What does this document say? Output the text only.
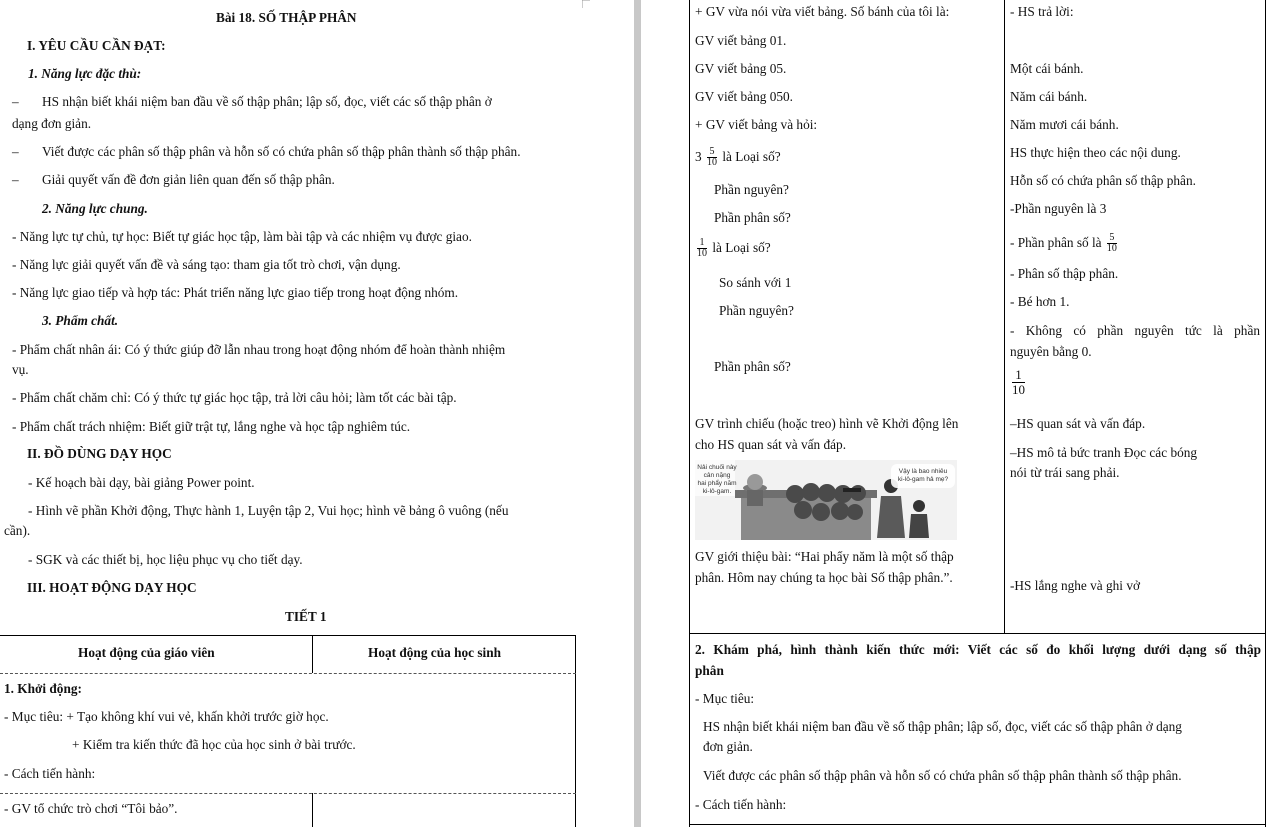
Bài 18. SỐ THẬP PHÂN
I. YÊU CẦU CẦN ĐẠT:
1. Năng lực đặc thù:
– HS nhận biết khái niệm ban đầu về số thập phân; lập số, đọc, viết các số thập phân ở
dạng đơn giản.
– Viết được các phân số thập phân và hỗn số có chứa phân số thập phân thành số thập phân.
– Giải quyết vấn đề đơn giản liên quan đến số thập phân.
2. Năng lực chung.
- Năng lực tự chủ, tự học: Biết tự giác học tập, làm bài tập và các nhiệm vụ được giao.
- Năng lực giải quyết vấn đề và sáng tạo: tham gia tốt trò chơi, vận dụng.
- Năng lực giao tiếp và hợp tác: Phát triển năng lực giao tiếp trong hoạt động nhóm.
3. Phẩm chất.
- Phẩm chất nhân ái: Có ý thức giúp đỡ lẫn nhau trong hoạt động nhóm để hoàn thành nhiệm
vụ.
- Phẩm chất chăm chỉ: Có ý thức tự giác học tập, trả lời câu hỏi; làm tốt các bài tập.
- Phẩm chất trách nhiệm: Biết giữ trật tự, lắng nghe và học tập nghiêm túc.
II. ĐỒ DÙNG DẠY HỌC
- Kế hoạch bài dạy, bài giảng Power point.
- Hình vẽ phần Khởi động, Thực hành 1, Luyện tập 2, Vui học; hình vẽ bảng ô vuông (nếu
cần).
- SGK và các thiết bị, học liệu phục vụ cho tiết dạy.
III. HOẠT ĐỘNG DẠY HỌC
TIẾT 1
Hoạt động của giáo viên	Hoạt động của học sinh
1. Khởi động:
- Mục tiêu: + Tạo không khí vui vẻ, khấn khởi trước giờ học.
+ Kiểm tra kiến thức đã học của học sinh ở bài trước.
- Cách tiến hành:
- GV tổ chức trò chơi “Tôi bảo”.
+ GV vừa nói vừa viết bảng. Số bánh của tôi là:
GV viết bảng 01.
GV viết bảng 05.
GV viết bảng 050.
+ GV viết bảng và hỏi:
$3 \frac{5}{10}$ là Loại số?
Phần nguyên?
Phần phân số?
$\frac{1}{10}$ là Loại số?
So sánh với 1
Phần nguyên?
Phần phân số?
GV trình chiếu (hoặc treo) hình vẽ Khởi động lên
cho HS quan sát và vấn đáp.
Nải chuối này
cân nặng
hai phẩy năm
ki-lô-gam.
Vậy là bao nhiêu
ki-lô-gam hả mẹ?
GV giới thiệu bài: “Hai phẩy năm là một số thập
phân. Hôm nay chúng ta học bài Số thập phân.”.
- HS trả lời:
Một cái bánh.
Năm cái bánh.
Năm mươi cái bánh.
HS thực hiện theo các nội dung.
Hỗn số có chứa phân số thập phân.
-Phần nguyên là 3
- Phần phân số là $\frac{5}{10}$
- Phân số thập phân.
- Bé hơn 1.
- Không có phần nguyên tức là phần
nguyên bằng 0.
$\frac{1}{10}$
–HS quan sát và vấn đáp.
–HS mô tả bức tranh Đọc các bóng
nói từ trái sang phải.
-HS lắng nghe và ghi vở
2. Khám phá, hình thành kiến thức mới: Viết các số đo khối lượng dưới dạng số thập
phân
- Mục tiêu:
HS nhận biết khái niệm ban đầu về số thập phân; lập số, đọc, viết các số thập phân ở dạng
đơn giản.
Viết được các phân số thập phân và hỗn số có chứa phân số thập phân thành số thập phân.
- Cách tiến hành:
